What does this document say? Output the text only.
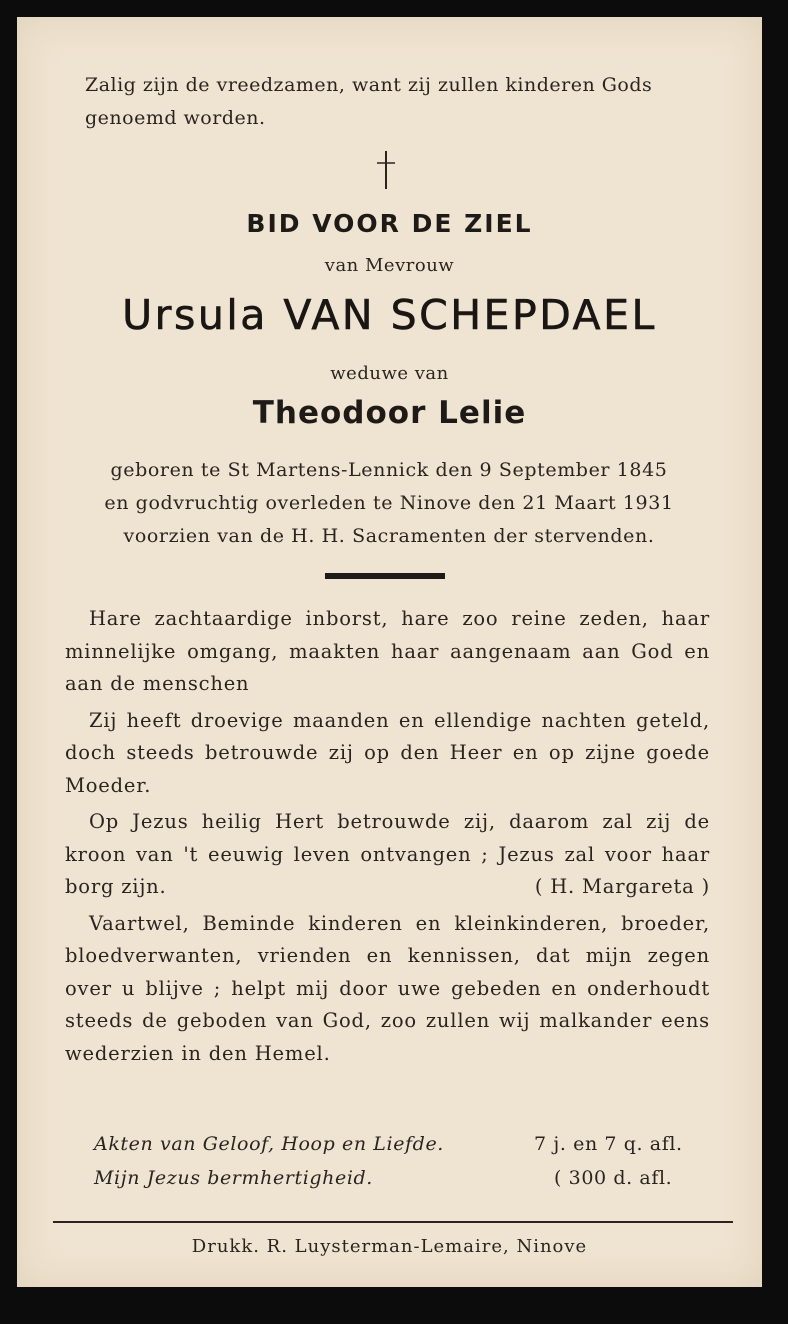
Zalig zijn de vreedzamen, want zij zullen kinderen Gods genoemd worden.
BID VOOR DE ZIEL
van Mevrouw
Ursula VAN SCHEPDAEL
weduwe van
Theodoor Lelie
geboren te St Martens-Lennick den 9 September 1845
en godvruchtig overleden te Ninove den 21 Maart 1931
voorzien van de H. H. Sacramenten der stervenden.

Hare zachtaardige inborst, hare zoo reine zeden, haar minnelijke omgang, maakten haar aangenaam aan God en aan de menschen

Zij heeft droevige maanden en ellendige nachten geteld, doch steeds betrouwde zij op den Heer en op zijne goede Moeder.

Op Jezus heilig Hert betrouwde zij, daarom zal zij de kroon van 't eeuwig leven ontvangen ; Jezus zal voor haar borg zijn.	( H. Margareta )

Vaartwel, Beminde kinderen en kleinkinderen, broeder, bloedverwanten, vrienden en kennissen, dat mijn zegen over u blijve ; helpt mij door uwe gebeden en onderhoudt steeds de geboden van God, zoo zullen wij malkander eens wederzien in den Hemel.

Akten van Geloof, Hoop en Liefde.	7 j. en 7 q. afl.
Mijn Jezus bermhertigheid.	( 300 d. afl.
Drukk. R. Luysterman-Lemaire, Ninove
